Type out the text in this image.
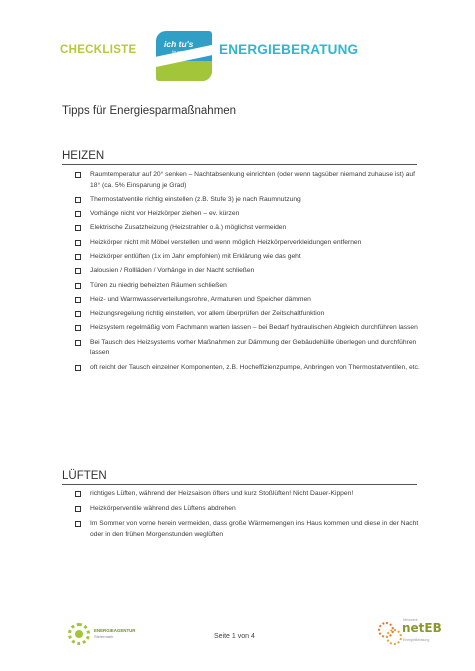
CHECKLISTE	ich tu's
für unsere Zukunft ENERGIEBERATUNG
Tipps für Energiesparmaßnahmen
HEIZEN
Raumtemperatur auf 20° senken – Nachtabsenkung einrichten (oder wenn tagsüber niemand zuhause ist) auf 18° (ca. 5% Einsparung je Grad)
Thermostatventile richtig einstellen (z.B. Stufe 3) je nach Raumnutzung
Vorhänge nicht vor Heizkörper ziehen – ev. kürzen
Elektrische Zusatzheizung (Heizstrahler o.ä.) möglichst vermeiden
Heizkörper nicht mit Möbel verstellen und wenn möglich Heizkörperverkleidungen entfernen
Heizkörper entlüften (1x im Jahr empfohlen) mit Erklärung wie das geht
Jalousien / Rollläden / Vorhänge in der Nacht schließen
Türen zu niedrig beheizten Räumen schließen
Heiz- und Warmwasserverteilungsrohre, Armaturen und Speicher dämmen
Heizungsregelung richtig einstellen, vor allem überprüfen der Zeitschaltfunktion
Heizsystem regelmäßig vom Fachmann warten lassen – bei Bedarf hydraulischen Abgleich durchführen lassen
Bei Tausch des Heizsystems vorher Maßnahmen zur Dämmung der Gebäudehülle überlegen und durchführen lassen
oft reicht der Tausch einzelner Komponenten, z.B. Hocheffizienzpumpe, Anbringen von Thermostatventilen, etc.
LÜFTEN
richtiges Lüften, während der Heizsaison öfters und kurz Stoßlüften! Nicht Dauer-Kippen!
Heizkörperventile während des Lüftens abdrehen
Im Sommer von vorne herein vermeiden, dass große Wärmemengen ins Haus kommen und diese in der Nacht oder in den frühen Morgenstunden weglüften
ENERGIEAGENTUR
Steiermark	Seite 1 von 4
Netzwerk
netEB
EnergieBeratung
